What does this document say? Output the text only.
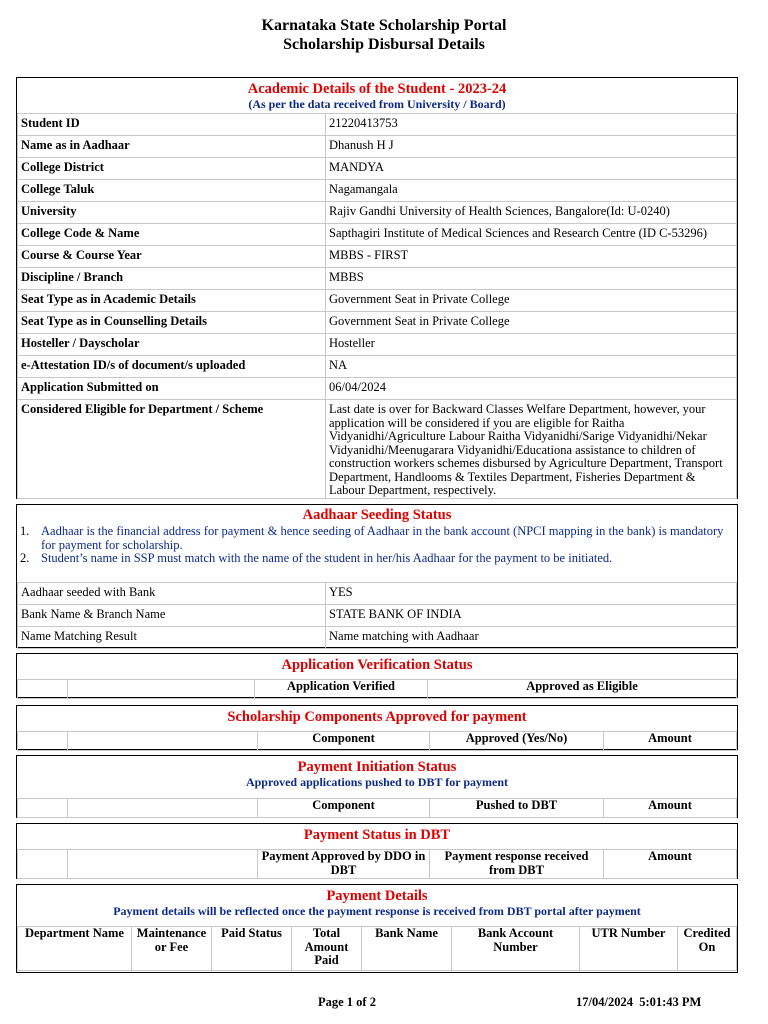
Karnataka State Scholarship Portal
Scholarship Disbursal Details
Academic Details of the Student - 2023-24
(As per the data received from University / Board)
Student ID	21220413753
Name as in Aadhaar	Dhanush H J
College District	MANDYA
College Taluk	Nagamangala
University	Rajiv Gandhi University of Health Sciences, Bangalore(Id: U-0240)
College Code & Name	Sapthagiri Institute of Medical Sciences and Research Centre (ID C-53296)
Course & Course Year	MBBS - FIRST
Discipline / Branch	MBBS
Seat Type as in Academic Details	Government Seat in Private College
Seat Type as in Counselling Details	Government Seat in Private College
Hosteller / Dayscholar	Hosteller
e-Attestation ID/s of document/s uploaded	NA
Application Submitted on	06/04/2024
Considered Eligible for Department / Scheme	Last date is over for Backward Classes Welfare Department, however, your application will be considered if you are eligible for Raitha Vidyanidhi/Agriculture Labour Raitha Vidyanidhi/Sarige Vidyanidhi/Nekar Vidyanidhi/Meenugarara Vidyanidhi/Educationa assistance to children of construction workers schemes disbursed by Agriculture Department, Transport Department, Handlooms & Textiles Department, Fisheries Department & Labour Department, respectively.
Aadhaar Seeding Status
1. Aadhaar is the financial address for payment & hence seeding of Aadhaar in the bank account (NPCI mapping in the bank) is mandatory for payment for scholarship.
2. Student’s name in SSP must match with the name of the student in her/his Aadhaar for the payment to be initiated.
Aadhaar seeded with Bank	YES
Bank Name & Branch Name	STATE BANK OF INDIA
Name Matching Result	Name matching with Aadhaar
Application Verification Status
		Application Verified	Approved as Eligible
Scholarship Components Approved for payment
		Component	Approved (Yes/No)	Amount
Payment Initiation Status
Approved applications pushed to DBT for payment
		Component	Pushed to DBT	Amount
Payment Status in DBT
		Payment Approved by DDO in DBT	Payment response received from DBT	Amount
Payment Details
Payment details will be reflected once the payment response is received from DBT portal after payment
Department Name	Maintenance or Fee	Paid Status	Total Amount Paid	Bank Name	Bank Account Number	UTR Number	Credited On
Page 1 of 2	17/04/2024  5:01:43 PM
